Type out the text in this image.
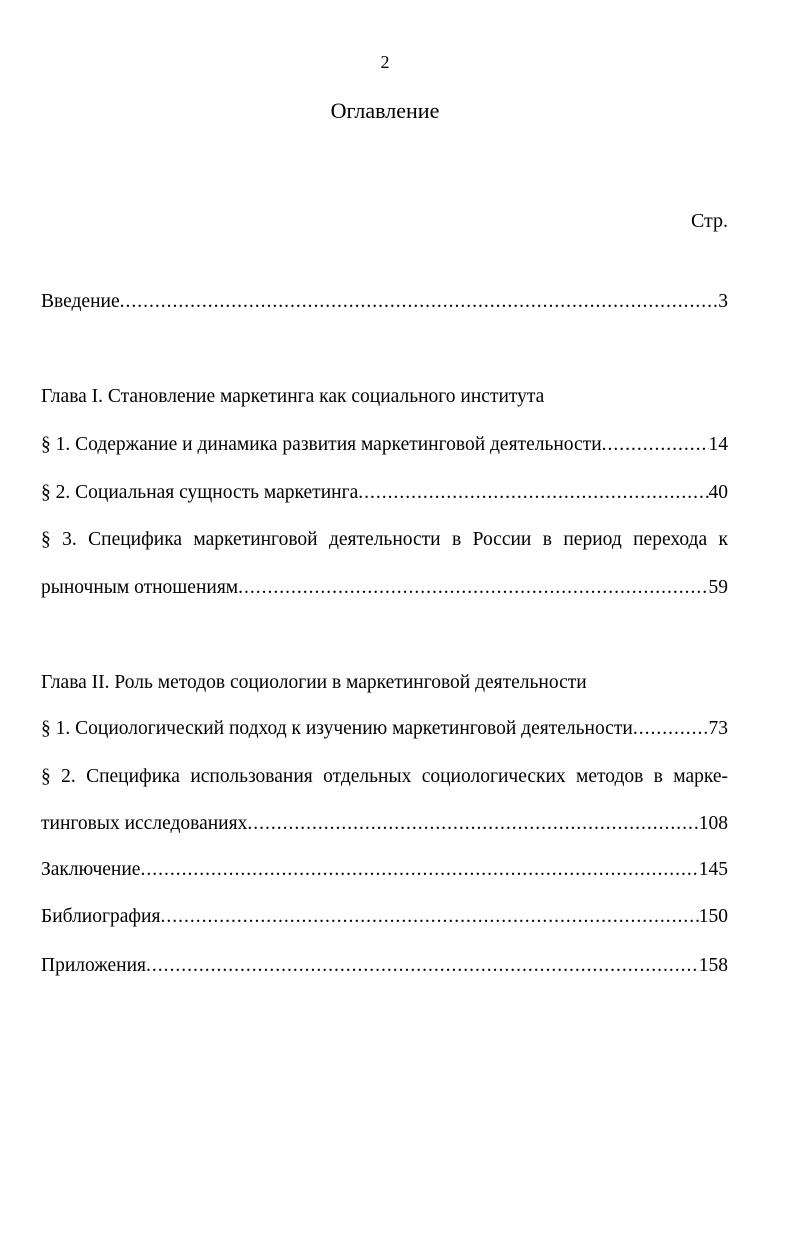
2
Оглавление
Стр.
Введение .....	3
Глава I. Становление маркетинга как социального института
§ 1. Содержание и динамика развития маркетинговой деятельности .....	14
§ 2. Социальная сущность маркетинга .....	40
§ 3. Специфика маркетинговой деятельности в России в период перехода к
рыночным отношениям .....	59
Глава II. Роль методов социологии в маркетинговой деятельности
§ 1. Социологический подход к изучению маркетинговой деятельности .....	73
§ 2. Специфика использования отдельных социологических методов в марке-
тинговых исследованиях .....	108
Заключение .....	145
Библиография .....	150
Приложения .....	158
